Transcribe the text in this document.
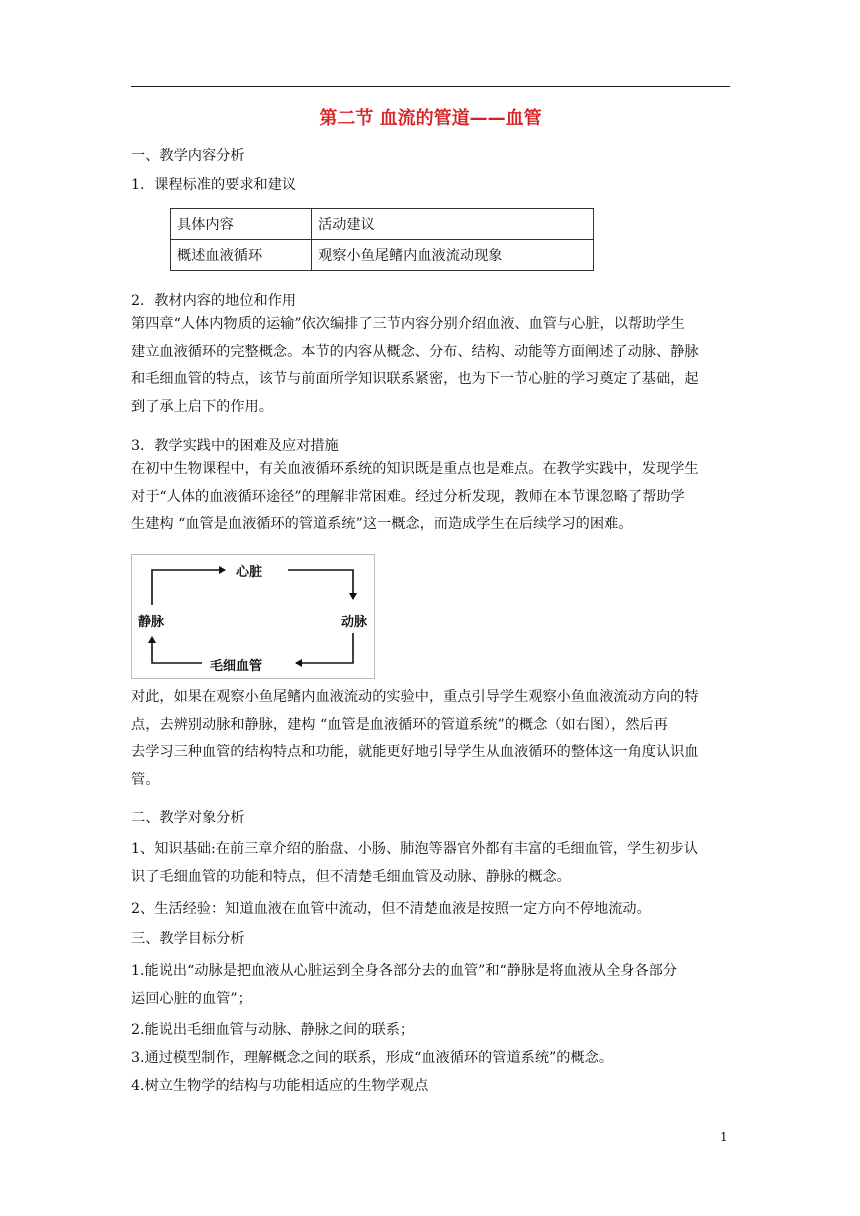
第二节 血流的管道——血管
一、教学内容分析
1．课程标准的要求和建议
具体内容	活动建议
概述血液循环	观察小鱼尾鳍内血液流动现象
2．教材内容的地位和作用
第四章“人体内物质的运输”依次编排了三节内容分别介绍血液、血管与心脏，以帮助学生
建立血液循环的完整概念。本节的内容从概念、分布、结构、动能等方面阐述了动脉、静脉
和毛细血管的特点，该节与前面所学知识联系紧密，也为下一节心脏的学习奠定了基础，起
到了承上启下的作用。
3．教学实践中的困难及应对措施
在初中生物课程中，有关血液循环系统的知识既是重点也是难点。在教学实践中，发现学生
对于“人体的血液循环途径”的理解非常困难。经过分析发现，教师在本节课忽略了帮助学
生建构 “血管是血液循环的管道系统”这一概念，而造成学生在后续学习的困难。
心脏
动脉
毛细血管
静脉
对此，如果在观察小鱼尾鳍内血液流动的实验中，重点引导学生观察小鱼血液流动方向的特
点，去辨别动脉和静脉，建构 “血管是血液循环的管道系统”的概念（如右图），然后再
去学习三种血管的结构特点和功能，就能更好地引导学生从血液循环的整体这一角度认识血
管。
二、教学对象分析
1、知识基础:在前三章介绍的胎盘、小肠、肺泡等器官外都有丰富的毛细血管，学生初步认
识了毛细血管的功能和特点，但不清楚毛细血管及动脉、静脉的概念。
2、生活经验：知道血液在血管中流动，但不清楚血液是按照一定方向不停地流动。
三、教学目标分析
1.能说出“动脉是把血液从心脏运到全身各部分去的血管”和“静脉是将血液从全身各部分
运回心脏的血管”；
2.能说出毛细血管与动脉、静脉之间的联系；
3.通过模型制作，理解概念之间的联系，形成“血液循环的管道系统”的概念。
4.树立生物学的结构与功能相适应的生物学观点
1
